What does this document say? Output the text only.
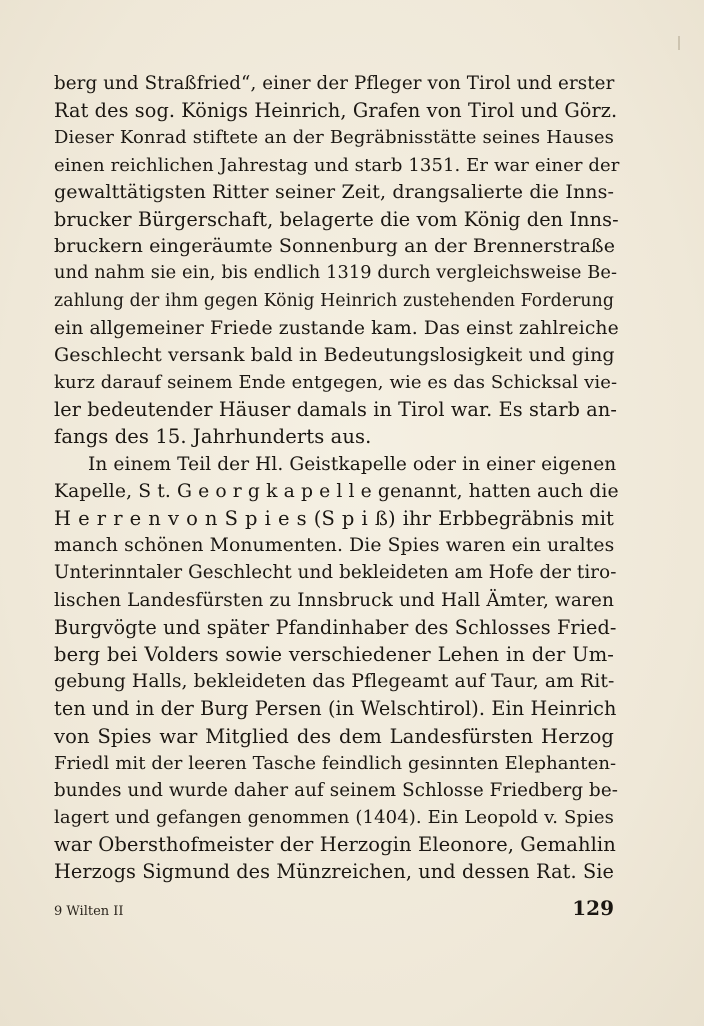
berg und Straßfried“, einer der Pfleger von Tirol und erster
Rat des sog. Königs Heinrich, Grafen von Tirol und Görz.
Dieser Konrad stiftete an der Begräbnisstätte seines Hauses
einen reichlichen Jahrestag und starb 1351. Er war einer der
gewalttätigsten Ritter seiner Zeit, drangsalierte die Inns-
brucker Bürgerschaft, belagerte die vom König den Inns-
bruckern eingeräumte Sonnenburg an der Brennerstraße
und nahm sie ein, bis endlich 1319 durch vergleichsweise Be-
zahlung der ihm gegen König Heinrich zustehenden Forderung
ein allgemeiner Friede zustande kam. Das einst zahlreiche
Geschlecht versank bald in Bedeutungslosigkeit und ging
kurz darauf seinem Ende entgegen, wie es das Schicksal vie-
ler bedeutender Häuser damals in Tirol war. Es starb an-
fangs des 15. Jahrhunderts aus.
In einem Teil der Hl. Geistkapelle oder in einer eigenen
Kapelle, S t. G e o r g k a p e l l e genannt, hatten auch die
H e r r e n v o n S p i e s (S p i ß) ihr Erbbegräbnis mit
manch schönen Monumenten. Die Spies waren ein uraltes
Unterinntaler Geschlecht und bekleideten am Hofe der tiro-
lischen Landesfürsten zu Innsbruck und Hall Ämter, waren
Burgvögte und später Pfandinhaber des Schlosses Fried-
berg bei Volders sowie verschiedener Lehen in der Um-
gebung Halls, bekleideten das Pflegeamt auf Taur, am Rit-
ten und in der Burg Persen (in Welschtirol). Ein Heinrich
von Spies war Mitglied des dem Landesfürsten Herzog
Friedl mit der leeren Tasche feindlich gesinnten Elephanten-
bundes und wurde daher auf seinem Schlosse Friedberg be-
lagert und gefangen genommen (1404). Ein Leopold v. Spies
war Obersthofmeister der Herzogin Eleonore, Gemahlin
Herzogs Sigmund des Münzreichen, und dessen Rat. Sie
9 Wilten II	129
